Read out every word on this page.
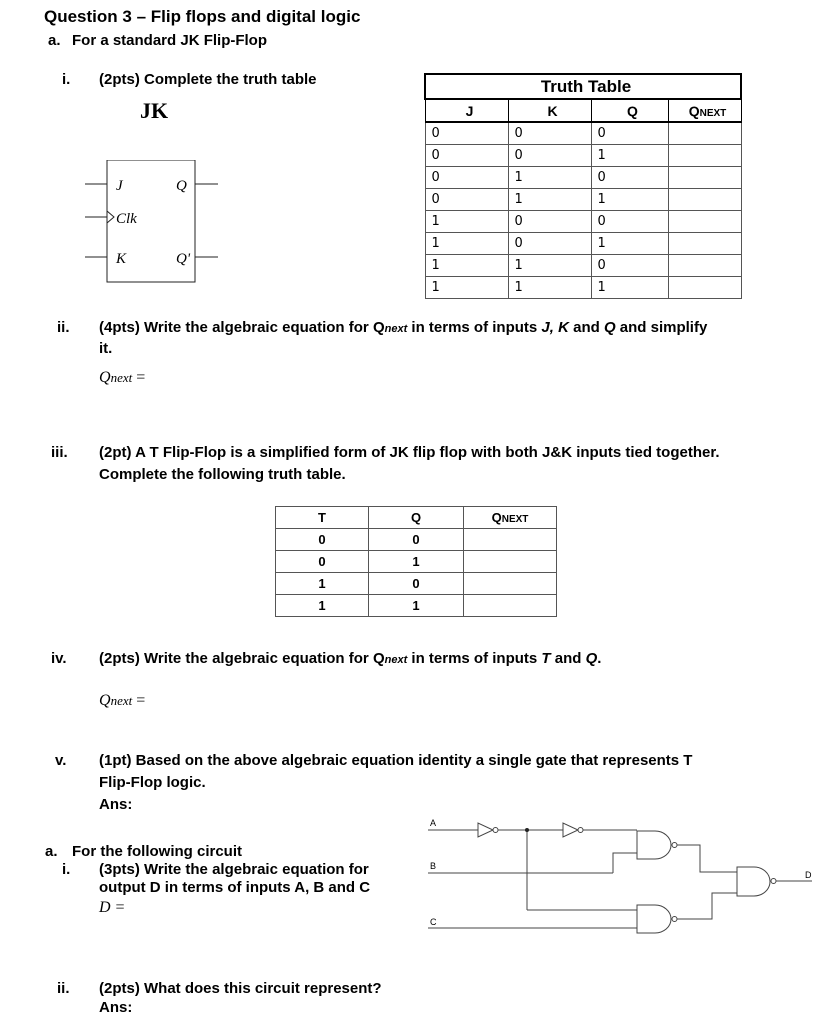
Question 3 – Flip flops and digital logic
a. For a standard JK Flip-Flop
i. (2pts) Complete the truth table
JK
J	Q
Clk
K	Q'
Truth Table			
J	K	Q	QNEXT
0	0	0	
0	0	1	
0	1	0	
0	1	1	
1	0	0	
1	0	1	
1	1	0	
1	1	1	
ii. (4pts) Write the algebraic equation for Qnext in terms of inputs J, K and Q and simplify
it.
Qnext =
iii. (2pt) A T Flip-Flop is a simplified form of JK flip flop with both J&K inputs tied together.
Complete the following truth table.
T	Q	QNEXT
0	0	
0	1	
1	0	
1	1	
iv. (2pts) Write the algebraic equation for Qnext in terms of inputs T and Q.
Qnext =
v. (1pt) Based on the above algebraic equation identity a single gate that represents T
Flip-Flop logic.
Ans:
a. For the following circuit
i. (3pts) Write the algebraic equation for
output D in terms of inputs A, B and C
D =
A
B
C
D
ii. (2pts) What does this circuit represent?
Ans:
